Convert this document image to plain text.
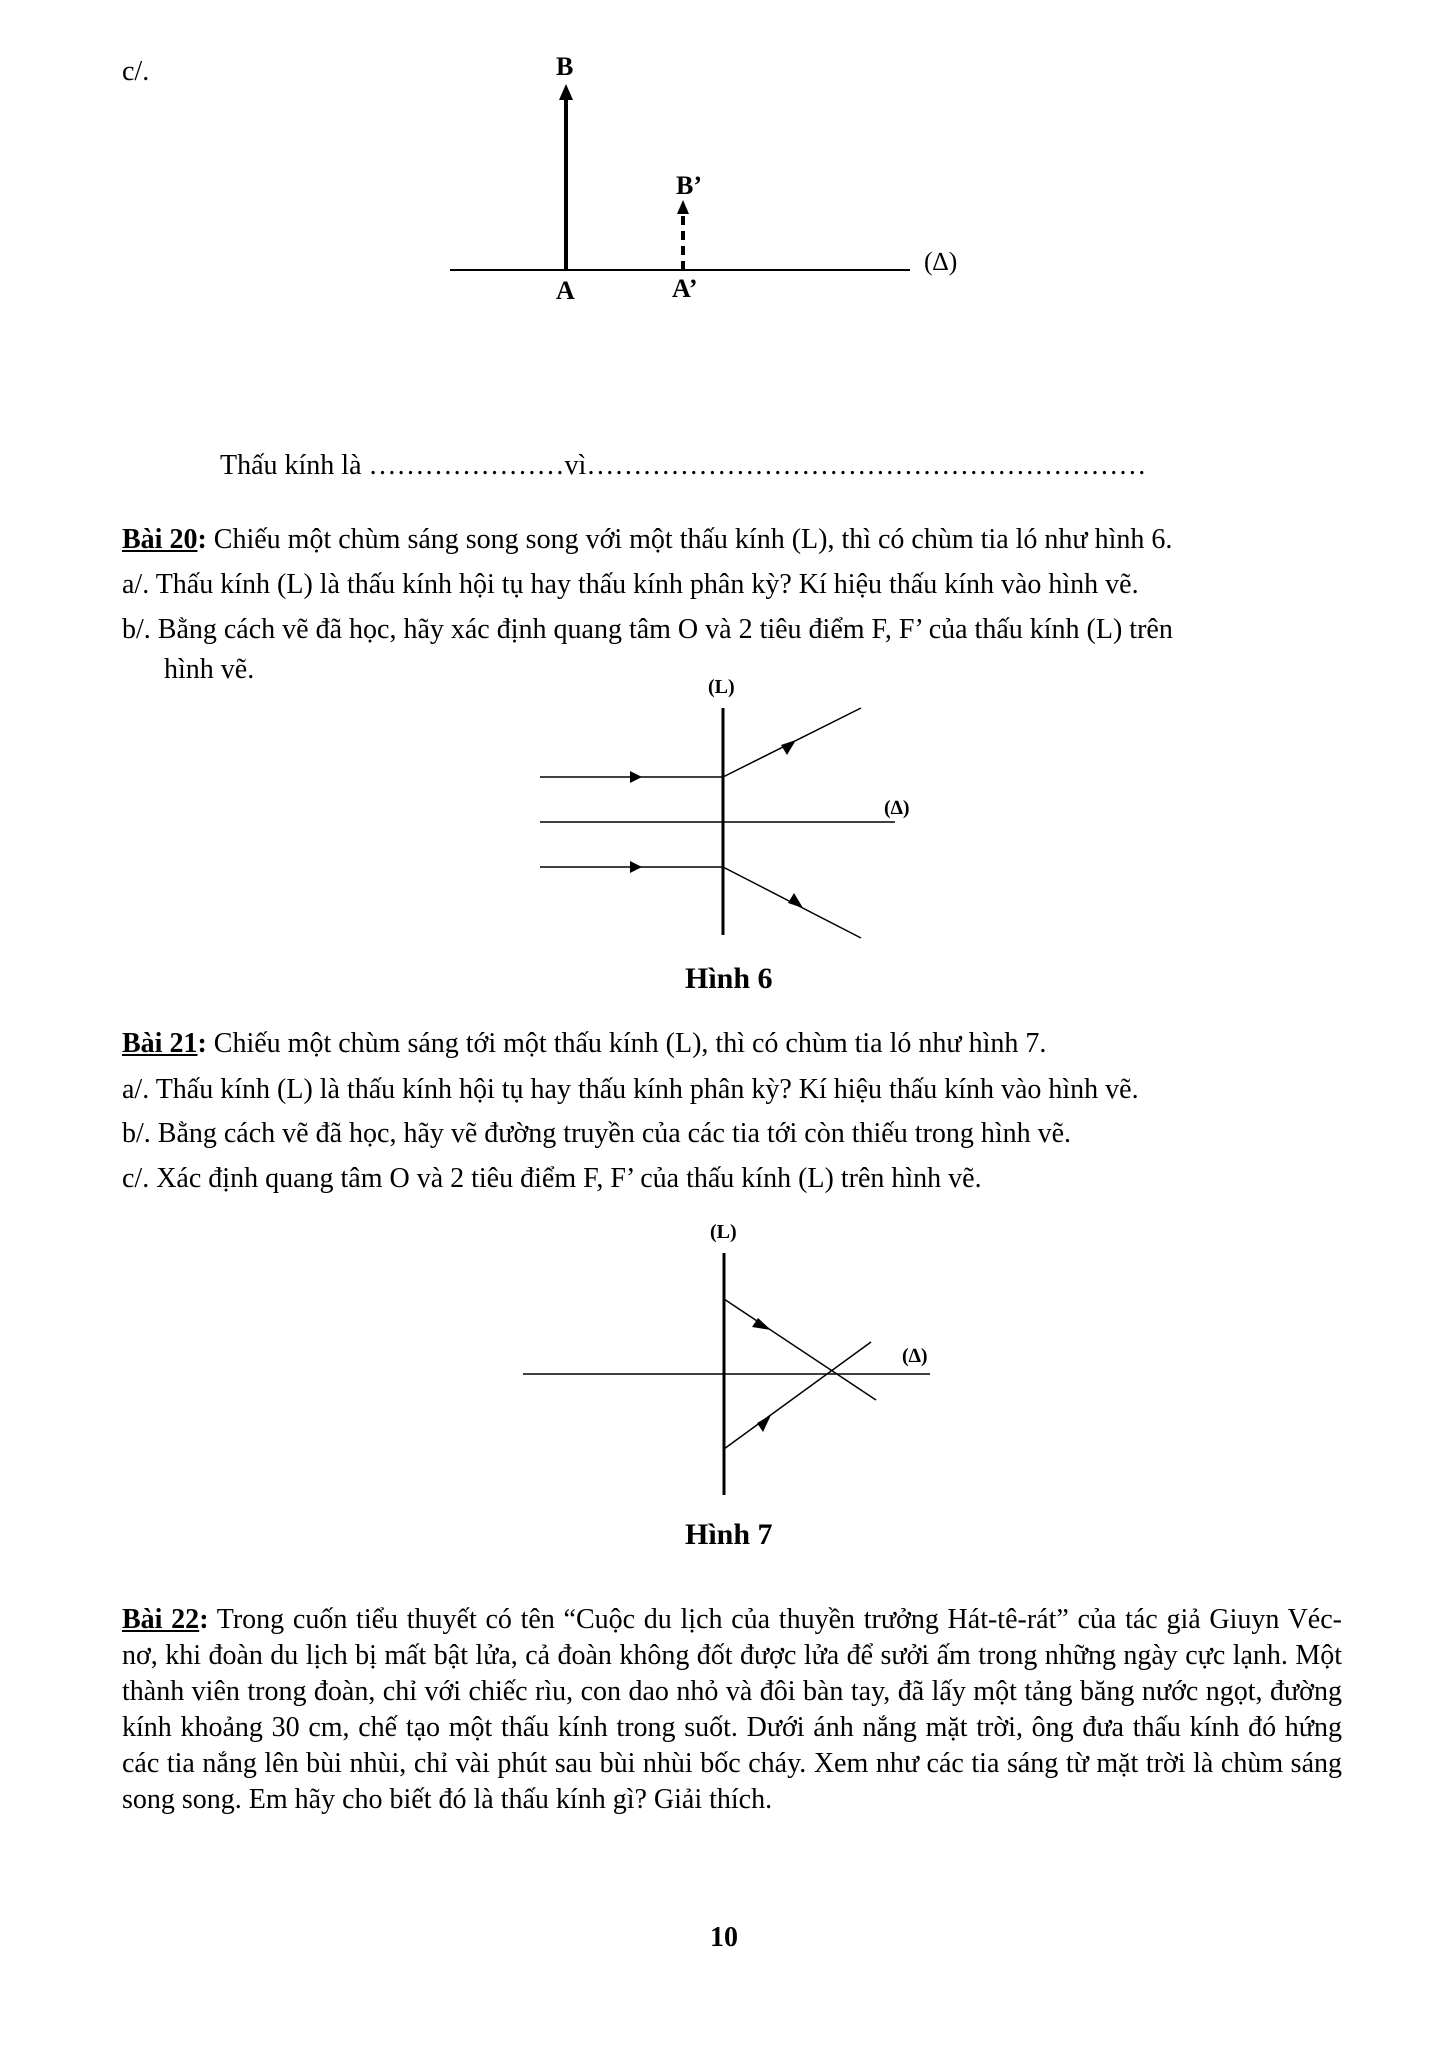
c/.	B
B’
A	A’
(∆)
Thấu kính là …………………vì……………………………………………………
Bài 20: Chiếu một chùm sáng song song với một thấu kính (L), thì có chùm tia ló như hình 6.
a/. Thấu kính (L) là thấu kính hội tụ hay thấu kính phân kỳ? Kí hiệu thấu kính vào hình vẽ.
b/. Bằng cách vẽ đã học, hãy xác định quang tâm O và 2 tiêu điểm F, F’ của thấu kính (L) trên
hình vẽ.
(L)
(∆)
Hình 6
Bài 21: Chiếu một chùm sáng tới một thấu kính (L), thì có chùm tia ló như hình 7.
a/. Thấu kính (L) là thấu kính hội tụ hay thấu kính phân kỳ? Kí hiệu thấu kính vào hình vẽ.
b/. Bằng cách vẽ đã học, hãy vẽ đường truyền của các tia tới còn thiếu trong hình vẽ.
c/. Xác định quang tâm O và 2 tiêu điểm F, F’ của thấu kính (L) trên hình vẽ.
(L)
(∆)
Hình 7
Bài 22: Trong cuốn tiểu thuyết có tên “Cuộc du lịch của thuyền trưởng Hát-tê-rát” của tác giả Giuyn Véc-nơ, khi đoàn du lịch bị mất bật lửa, cả đoàn không đốt được lửa để sưởi ấm trong những ngày cực lạnh. Một thành viên trong đoàn, chỉ với chiếc rìu, con dao nhỏ và đôi bàn tay, đã lấy một tảng băng nước ngọt, đường kính khoảng 30 cm, chế tạo một thấu kính trong suốt. Dưới ánh nắng mặt trời, ông đưa thấu kính đó hứng các tia nắng lên bùi nhùi, chỉ vài phút sau bùi nhùi bốc cháy. Xem như các tia sáng từ mặt trời là chùm sáng song song. Em hãy cho biết đó là thấu kính gì? Giải thích.
10
